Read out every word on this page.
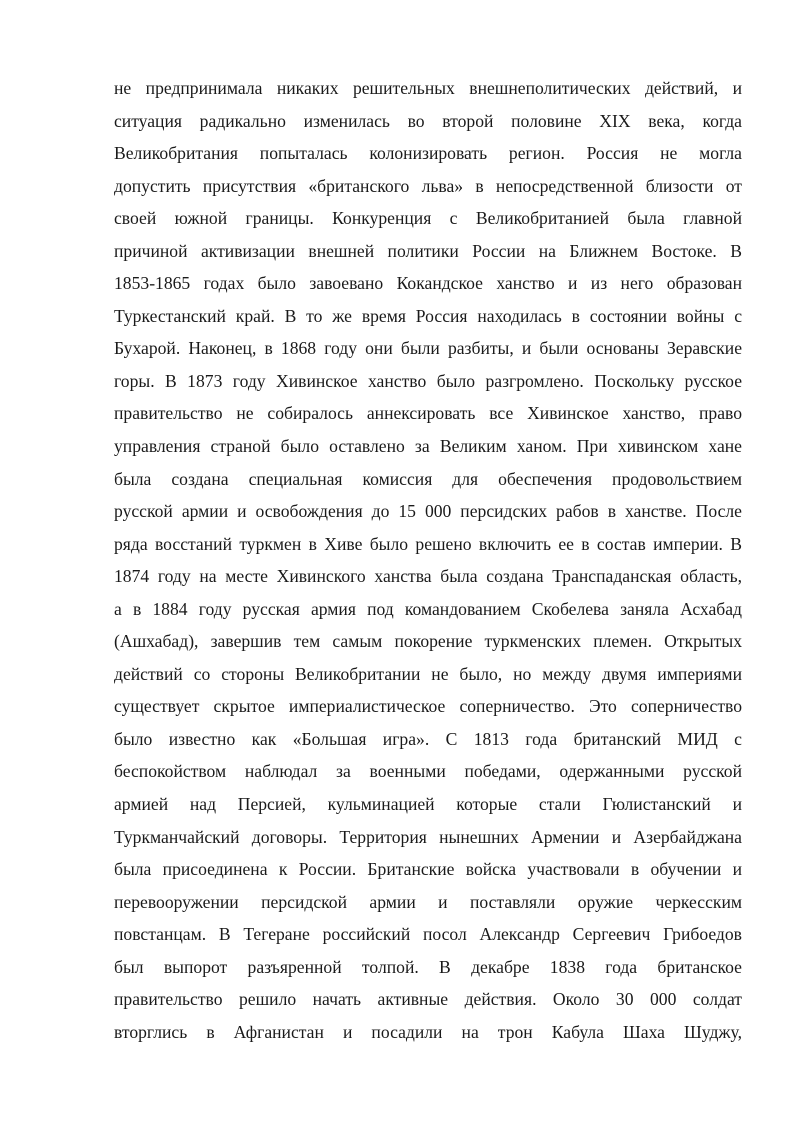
не предпринимала никаких решительных внешнеполитических действий, и
ситуация радикально изменилась во второй половине XIX века, когда
Великобритания попыталась колонизировать регион. Россия не могла
допустить присутствия «британского льва» в непосредственной близости от
своей южной границы. Конкуренция с Великобританией была главной
причиной активизации внешней политики России на Ближнем Востоке. В
1853-1865 годах было завоевано Кокандское ханство и из него образован
Туркестанский край. В то же время Россия находилась в состоянии войны с
Бухарой. Наконец, в 1868 году они были разбиты, и были основаны Зеравские
горы. В 1873 году Хивинское ханство было разгромлено. Поскольку русское
правительство не собиралось аннексировать все Хивинское ханство, право
управления страной было оставлено за Великим ханом. При хивинском хане
была создана специальная комиссия для обеспечения продовольствием
русской армии и освобождения до 15 000 персидских рабов в ханстве. После
ряда восстаний туркмен в Хиве было решено включить ее в состав империи. В
1874 году на месте Хивинского ханства была создана Транспаданская область,
а в 1884 году русская армия под командованием Скобелева заняла Асхабад
(Ашхабад), завершив тем самым покорение туркменских племен. Открытых
действий со стороны Великобритании не было, но между двумя империями
существует скрытое империалистическое соперничество. Это соперничество
было известно как «Большая игра». С 1813 года британский МИД с
беспокойством наблюдал за военными победами, одержанными русской
армией над Персией, кульминацией которые стали Гюлистанский и
Туркманчайский договоры. Территория нынешних Армении и Азербайджана
была присоединена к России. Британские войска участвовали в обучении и
перевооружении персидской армии и поставляли оружие черкесским
повстанцам. В Тегеране российский посол Александр Сергеевич Грибоедов
был выпорот разъяренной толпой. В декабре 1838 года британское
правительство решило начать активные действия. Около 30 000 солдат
вторглись в Афганистан и посадили на трон Кабула Шаха Шуджу,
